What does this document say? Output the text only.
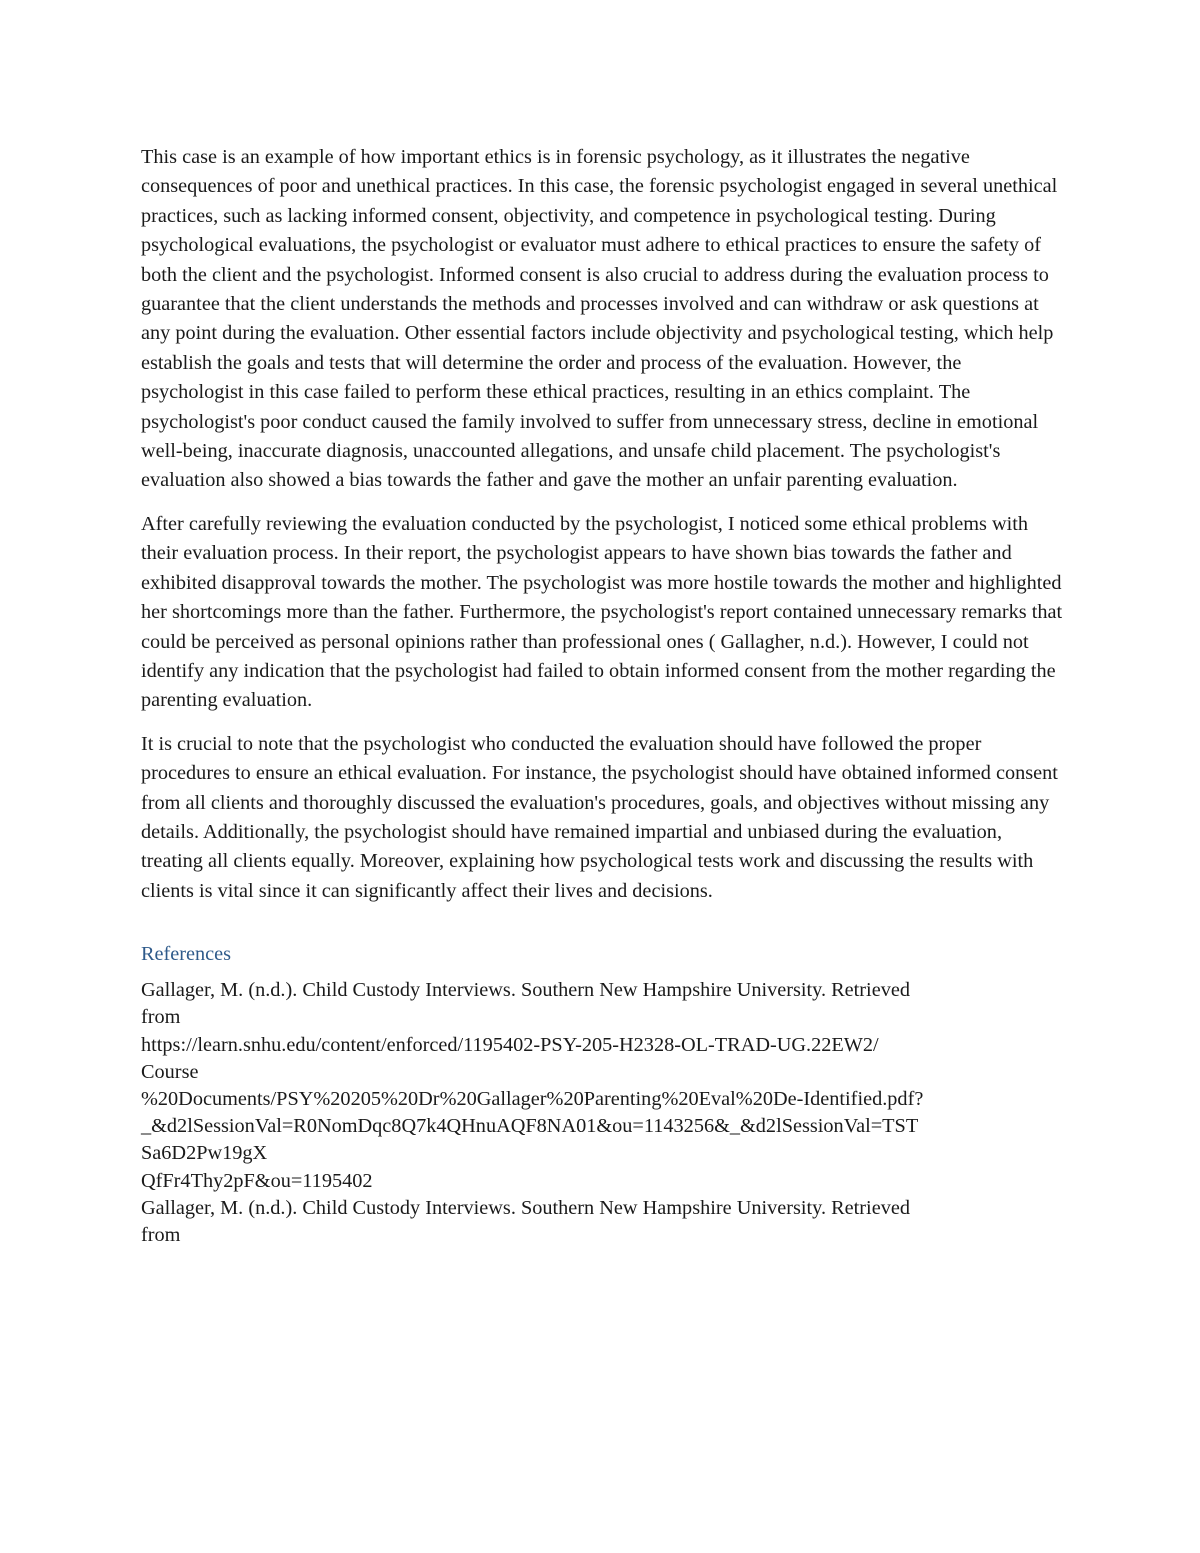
This case is an example of how important ethics is in forensic psychology, as it illustrates the negative consequences of poor and unethical practices. In this case, the forensic psychologist engaged in several unethical practices, such as lacking informed consent, objectivity, and competence in psychological testing. During psychological evaluations, the psychologist or evaluator must adhere to ethical practices to ensure the safety of both the client and the psychologist. Informed consent is also crucial to address during the evaluation process to guarantee that the client understands the methods and processes involved and can withdraw or ask questions at any point during the evaluation. Other essential factors include objectivity and psychological testing, which help establish the goals and tests that will determine the order and process of the evaluation. However, the psychologist in this case failed to perform these ethical practices, resulting in an ethics complaint. The psychologist's poor conduct caused the family involved to suffer from unnecessary stress, decline in emotional well-being, inaccurate diagnosis, unaccounted allegations, and unsafe child placement. The psychologist's evaluation also showed a bias towards the father and gave the mother an unfair parenting evaluation.

After carefully reviewing the evaluation conducted by the psychologist, I noticed some ethical problems with their evaluation process. In their report, the psychologist appears to have shown bias towards the father and exhibited disapproval towards the mother. The psychologist was more hostile towards the mother and highlighted her shortcomings more than the father. Furthermore, the psychologist's report contained unnecessary remarks that could be perceived as personal opinions rather than professional ones ( Gallagher, n.d.). However, I could not identify any indication that the psychologist had failed to obtain informed consent from the mother regarding the parenting evaluation.

It is crucial to note that the psychologist who conducted the evaluation should have followed the proper procedures to ensure an ethical evaluation. For instance, the psychologist should have obtained informed consent from all clients and thoroughly discussed the evaluation's procedures, goals, and objectives without missing any details. Additionally, the psychologist should have remained impartial and unbiased during the evaluation, treating all clients equally. Moreover, explaining how psychological tests work and discussing the results with clients is vital since it can significantly affect their lives and decisions.

References

Gallager, M. (n.d.). Child Custody Interviews. Southern New Hampshire University. Retrieved

from

https://learn.snhu.edu/content/enforced/1195402-PSY-205-H2328-OL-TRAD-UG.22EW2/

Course

%20Documents/PSY%20205%20Dr%20Gallager%20Parenting%20Eval%20De-Identified.pdf?

_&d2lSessionVal=R0NomDqc8Q7k4QHnuAQF8NA01&ou=1143256&_&d2lSessionVal=TST

Sa6D2Pw19gX

QfFr4Thy2pF&ou=1195402

Gallager, M. (n.d.). Child Custody Interviews. Southern New Hampshire University. Retrieved

from
